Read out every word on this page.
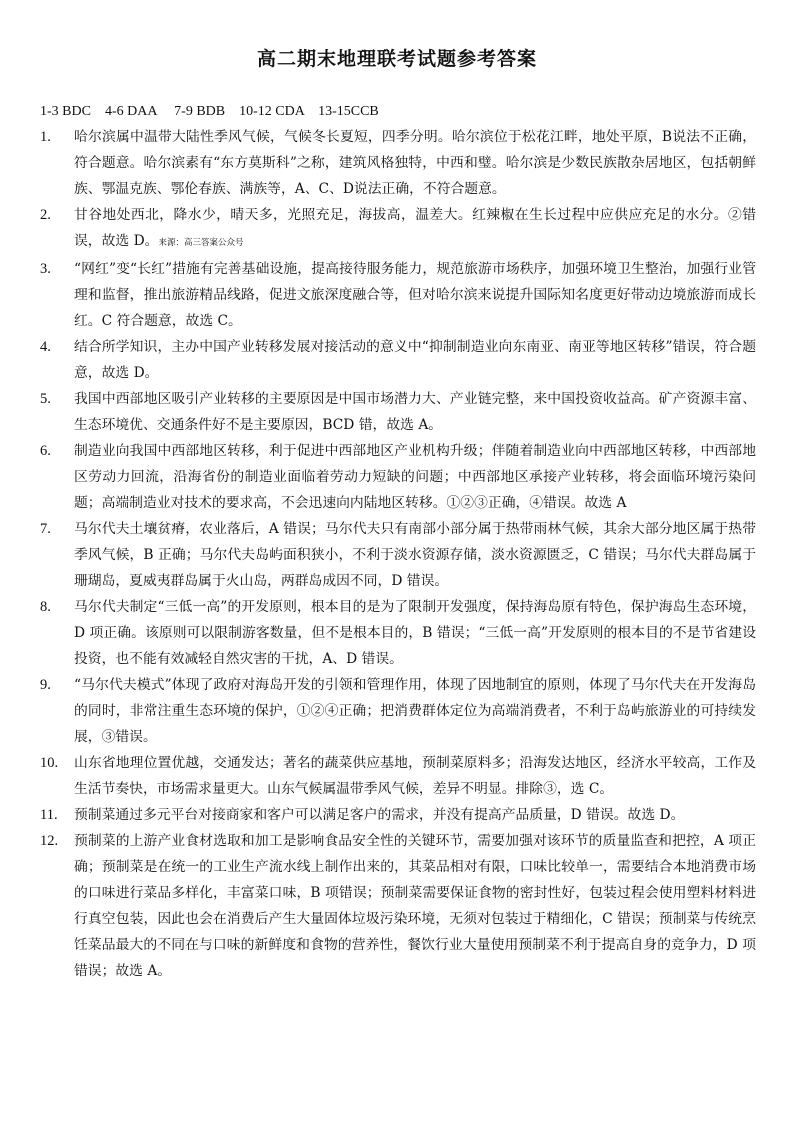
高二期末地理联考试题参考答案
1-3 BDC    4-6 DAA     7-9 BDB    10-12 CDA    13-15CCB
1.	哈尔滨属中温带大陆性季风气候，气候冬长夏短，四季分明。哈尔滨位于松花江畔，地处平原，B说法不正确，符合题意。哈尔滨素有“东方莫斯科”之称，建筑风格独特，中西和璧。哈尔滨是少数民族散杂居地区，包括朝鲜族、鄂温克族、鄂伦春族、满族等，A、C、D说法正确，不符合题意。
2.	甘谷地处西北，降水少，晴天多，光照充足，海拔高，温差大。红辣椒在生长过程中应供应充足的水分。②错误，故选 D。来源：高三答案公众号
3.	“网红”变“长红”措施有完善基础设施，提高接待服务能力，规范旅游市场秩序，加强环境卫生整治，加强行业管理和监督，推出旅游精品线路，促进文旅深度融合等，但对哈尔滨来说提升国际知名度更好带动边境旅游而成长红。C 符合题意，故选 C。
4.	结合所学知识，主办中国产业转移发展对接活动的意义中“抑制制造业向东南亚、南亚等地区转移”错误，符合题意，故选 D。
5.	我国中西部地区吸引产业转移的主要原因是中国市场潜力大、产业链完整，来中国投资收益高。矿产资源丰富、生态环境优、交通条件好不是主要原因，BCD 错，故选 A。
6.	制造业向我国中西部地区转移，利于促进中西部地区产业机构升级；伴随着制造业向中西部地区转移，中西部地区劳动力回流，沿海省份的制造业面临着劳动力短缺的问题；中西部地区承接产业转移，将会面临环境污染问题；高端制造业对技术的要求高，不会迅速向内陆地区转移。①②③正确，④错误。故选 A
7.	马尔代夫土壤贫瘠，农业落后，A 错误；马尔代夫只有南部小部分属于热带雨林气候，其余大部分地区属于热带季风气候，B 正确；马尔代夫岛屿面积狭小，不利于淡水资源存储，淡水资源匮乏，C 错误；马尔代夫群岛属于珊瑚岛，夏威夷群岛属于火山岛，两群岛成因不同，D 错误。
8.	马尔代夫制定“三低一高”的开发原则，根本目的是为了限制开发强度，保持海岛原有特色，保护海岛生态环境，D 项正确。该原则可以限制游客数量，但不是根本目的，B 错误；“三低一高”开发原则的根本目的不是节省建设投资，也不能有效减轻自然灾害的干扰，A、D 错误。
9.	“马尔代夫模式”体现了政府对海岛开发的引领和管理作用，体现了因地制宜的原则，体现了马尔代夫在开发海岛的同时，非常注重生态环境的保护，①②④正确；把消费群体定位为高端消费者，不利于岛屿旅游业的可持续发展，③错误。
10.	山东省地理位置优越，交通发达；著名的蔬菜供应基地，预制菜原料多；沿海发达地区，经济水平较高，工作及生活节奏快，市场需求量更大。山东气候属温带季风气候，差异不明显。排除③，选 C。
11.	预制菜通过多元平台对接商家和客户可以满足客户的需求，并没有提高产品质量，D 错误。故选 D。
12.	预制菜的上游产业食材选取和加工是影响食品安全性的关键环节，需要加强对该环节的质量监查和把控，A 项正确；预制菜是在统一的工业生产流水线上制作出来的，其菜品相对有限，口味比较单一，需要结合本地消费市场的口味进行菜品多样化，丰富菜口味，B 项错误；预制菜需要保证食物的密封性好，包装过程会使用塑料材料进行真空包装，因此也会在消费后产生大量固体垃圾污染环境，无须对包装过于精细化，C 错误；预制菜与传统烹饪菜品最大的不同在与口味的新鲜度和食物的营养性，餐饮行业大量使用预制菜不利于提高自身的竞争力，D 项错误；故选 A。
